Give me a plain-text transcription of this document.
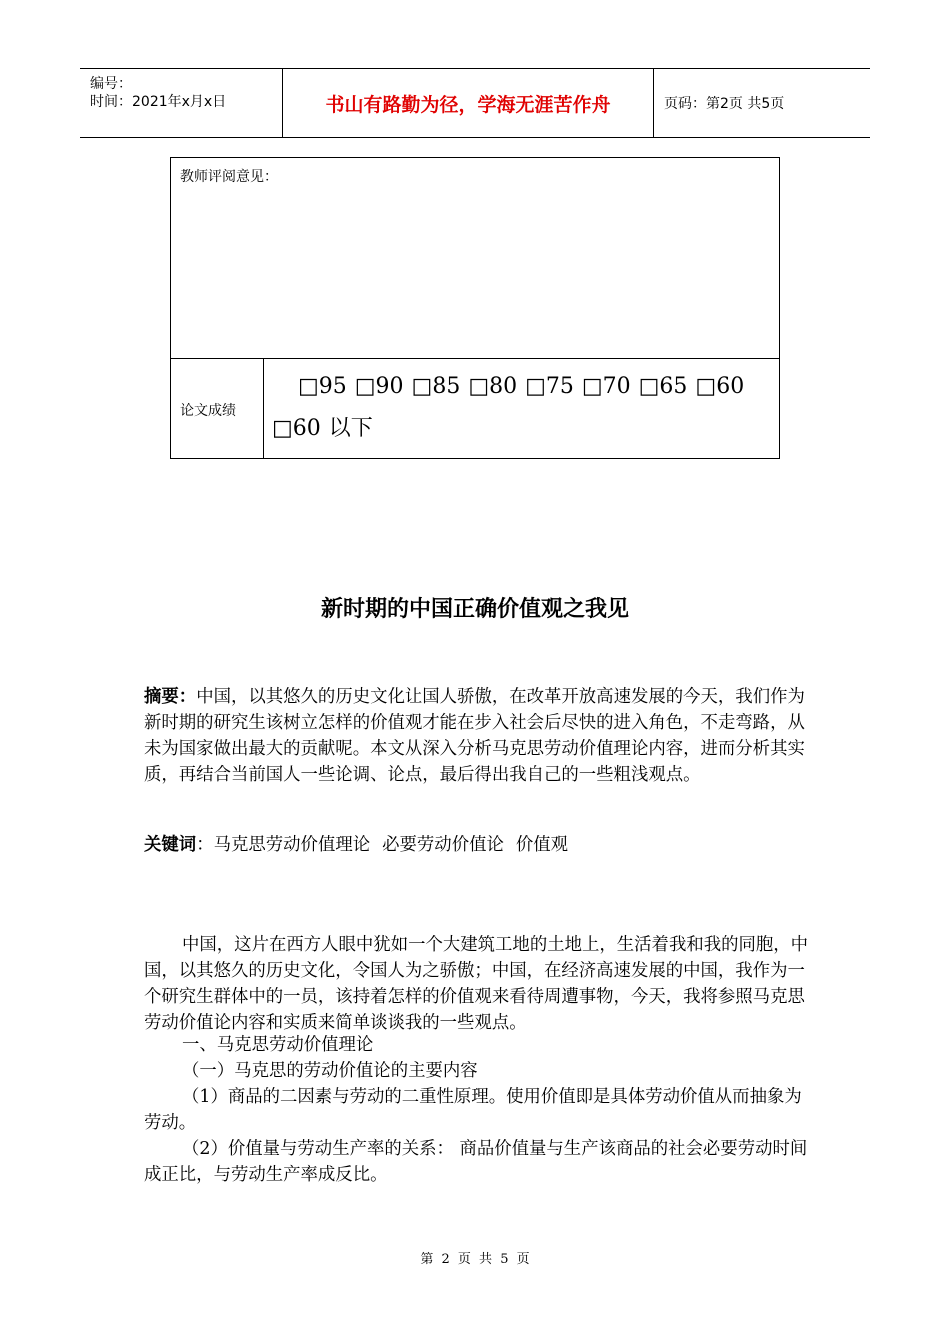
编号：
时间：2021年x月x日	书山有路勤为径，学海无涯苦作舟	页码：第2页 共5页
教师评阅意见：
论文成绩
□95 □90 □85 □80 □75 □70 □65 □60 □60 以下
新时期的中国正确价值观之我见
摘要：中国，以其悠久的历史文化让国人骄傲，在改革开放高速发展的今天，我们作为新时期的研究生该树立怎样的价值观才能在步入社会后尽快的进入角色，不走弯路，从未为国家做出最大的贡献呢。本文从深入分析马克思劳动价值理论内容，进而分析其实质，再结合当前国人一些论调、论点，最后得出我自己的一些粗浅观点。
关键词：马克思劳动价值理论 必要劳动价值论 价值观

中国，这片在西方人眼中犹如一个大建筑工地的土地上，生活着我和我的同胞，中国，以其悠久的历史文化，令国人为之骄傲；中国，在经济高速发展的中国，我作为一个研究生群体中的一员，该持着怎样的价值观来看待周遭事物，今天，我将参照马克思劳动价值论内容和实质来简单谈谈我的一些观点。

一、马克思劳动价值理论

（一）马克思的劳动价值论的主要内容

（1）商品的二因素与劳动的二重性原理。使用价值即是具体劳动价值从而抽象为劳动。

（2）价值量与劳动生产率的关系： 商品价值量与生产该商品的社会必要劳动时间成正比，与劳动生产率成反比。

第 2 页 共 5 页
